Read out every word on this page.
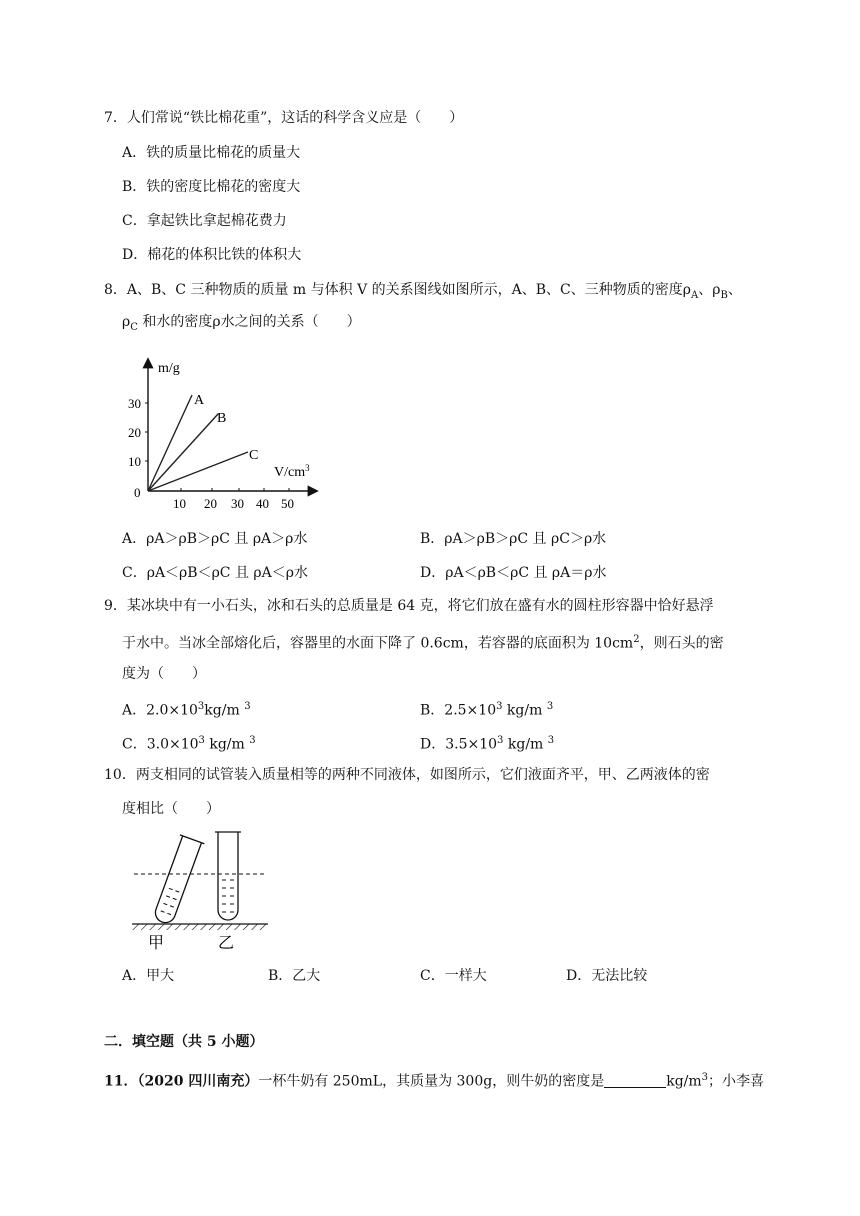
7．人们常说“铁比棉花重”，这话的科学含义应是（　　）
A．铁的质量比棉花的质量大
B．铁的密度比棉花的密度大
C．拿起铁比拿起棉花费力
D．棉花的体积比铁的体积大
8．A、B、C 三种物质的质量 m 与体积 V 的关系图线如图所示，A、B、C、三种物质的密度$\rho_A$、$\rho_B$、
$\rho_C$ 和水的密度ρ水之间的关系（　　）
m/g
$V/cm^3$
A
B
C
0
10
20
30
10 20 30 40 50
A．ρA＞ρB＞ρC 且 ρA＞ρ水	B．ρA＞ρB＞ρC 且 ρC＞ρ水
C．ρA＜ρB＜ρC 且 ρA＜ρ水	D．ρA＜ρB＜ρC 且 ρA＝ρ水
9．某冰块中有一小石头，冰和石头的总质量是 64 克，将它们放在盛有水的圆柱形容器中恰好悬浮
于水中。当冰全部熔化后，容器里的水面下降了 0.6cm，若容器的底面积为 $10cm^2$，则石头的密
度为（　　）
A．$2.0\times 10^3kg/m$ $^3$	B．$2.5\times 10^3$ kg/m $^3$
C．$3.0\times 10^3$ kg/m $^3$	D．$3.5\times 10^3$ kg/m $^3$
10．两支相同的试管装入质量相等的两种不同液体，如图所示，它们液面齐平，甲、乙两液体的密
度相比（　　）
甲	乙
A．甲大	B．乙大	C．一样大	D．无法比较
二．填空题（共 5 小题）
11．（2020 四川南充）一杯牛奶有 250mL，其质量为 300g，则牛奶的密度是	$kg/m^3$；小李喜
